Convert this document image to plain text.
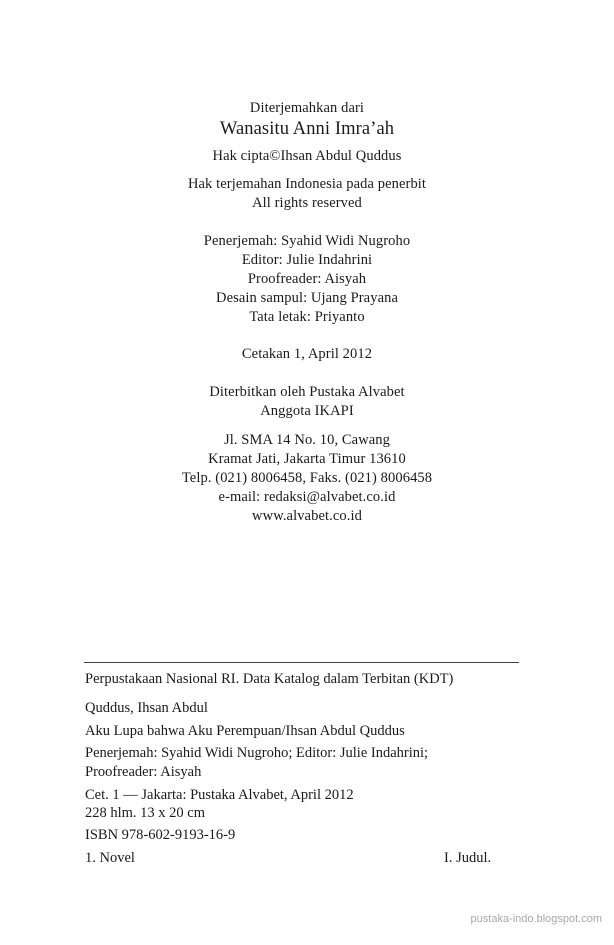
Diterjemahkan dari
Wanasitu Anni Imra’ah
Hak cipta©Ihsan Abdul Quddus
Hak terjemahan Indonesia pada penerbit
All rights reserved
Penerjemah: Syahid Widi Nugroho
Editor: Julie Indahrini
Proofreader: Aisyah
Desain sampul: Ujang Prayana
Tata letak: Priyanto
Cetakan 1, April 2012
Diterbitkan oleh Pustaka Alvabet
Anggota IKAPI
Jl. SMA 14 No. 10, Cawang
Kramat Jati, Jakarta Timur 13610
Telp. (021) 8006458, Faks. (021) 8006458
e-mail: redaksi@alvabet.co.id
www.alvabet.co.id
Perpustakaan Nasional RI. Data Katalog dalam Terbitan (KDT)
Quddus, Ihsan Abdul
Aku Lupa bahwa Aku Perempuan/Ihsan Abdul Quddus
Penerjemah: Syahid Widi Nugroho; Editor: Julie Indahrini;
Proofreader: Aisyah
Cet. 1 — Jakarta: Pustaka Alvabet, April 2012
228 hlm. 13 x 20 cm
ISBN 978-602-9193-16-9
1. Novel	I. Judul.
pustaka-indo.blogspot.com
